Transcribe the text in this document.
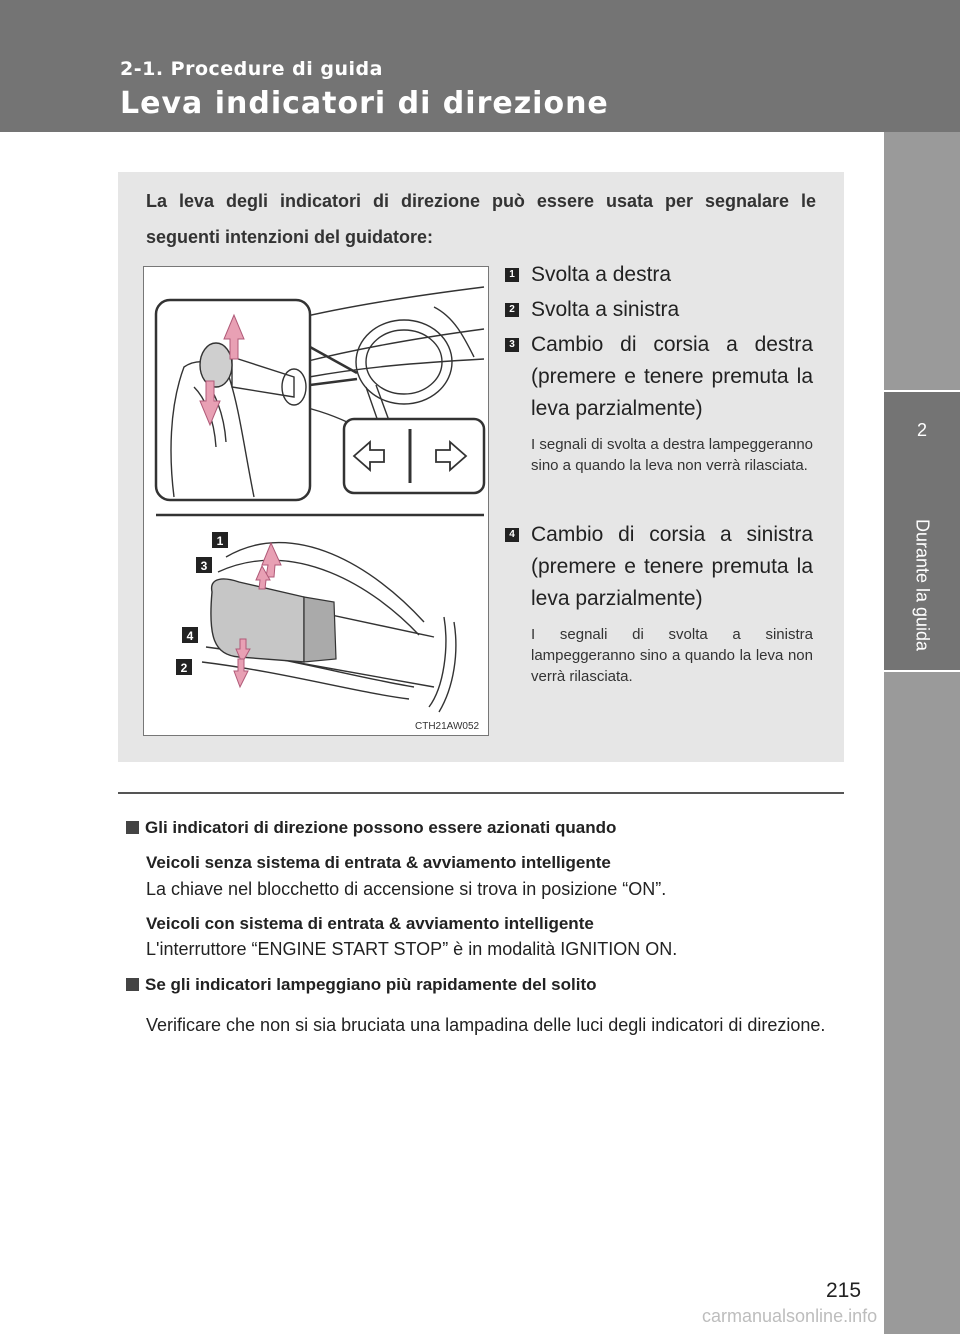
2-1. Procedure di guida
Leva indicatori di direzione
2
Durante la guida
La leva degli indicatori di direzione può essere usata per segnalare le seguenti intenzioni del guidatore:
1
3
4
2
CTH21AW052
1 Svolta a destra
2 Svolta a sinistra
3 Cambio di corsia a destra (premere e tenere premuta la leva parzialmente)
I segnali di svolta a destra lampeggeranno sino a quando la leva non verrà rilasciata.
4 Cambio di corsia a sinistra (premere e tenere premuta la leva parzialmente)
I segnali di svolta a sinistra lampeggeranno sino a quando la leva non verrà rilasciata.
Gli indicatori di direzione possono essere azionati quando
Veicoli senza sistema di entrata & avviamento intelligente
La chiave nel blocchetto di accensione si trova in posizione “ON”.
Veicoli con sistema di entrata & avviamento intelligente
L'interruttore “ENGINE START STOP” è in modalità IGNITION ON.
Se gli indicatori lampeggiano più rapidamente del solito
Verificare che non si sia bruciata una lampadina delle luci degli indicatori di direzione.
215
carmanualsonline.info
